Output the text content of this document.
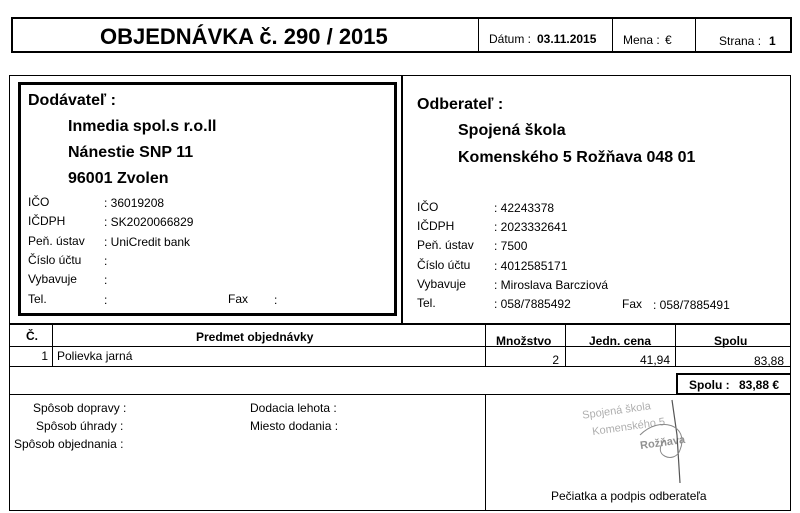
OBJEDNÁVKA č. 290 / 2015	Dátum : 03.11.2015 Mena : €	Strana : 1
Dodávateľ :
Inmedia spol.s r.o.ll
Nánestie SNP 11
96001 Zvolen
IČO	: 36019208
IČDPH	: SK2020066829
Peň. ústav : UniCredit bank
Číslo účtu :
Vybavuje :
Tel.	:	Fax :
Odberateľ :
Spojená škola
Komenského 5 Rožňava 048 01
IČO	: 42243378
IČDPH	: 2023332641
Peň. ústav : 7500
Číslo účtu : 4012585171
Vybavuje : Miroslava Barcziová
Tel.	: 058/7885492	Fax : 058/7885491
Č.	Predmet objednávky	Množstvo	Jedn. cena	Spolu
1 Polievka jarná	2	41,94	83,88
Spolu : 83,88 €
Spôsob dopravy :
Spôsob úhrady :
Spôsob objednania :
Dodacia lehota :
Miesto dodania :
Spojená škola
Komenského 5
Rožňava
Pečiatka a podpis odberateľa
